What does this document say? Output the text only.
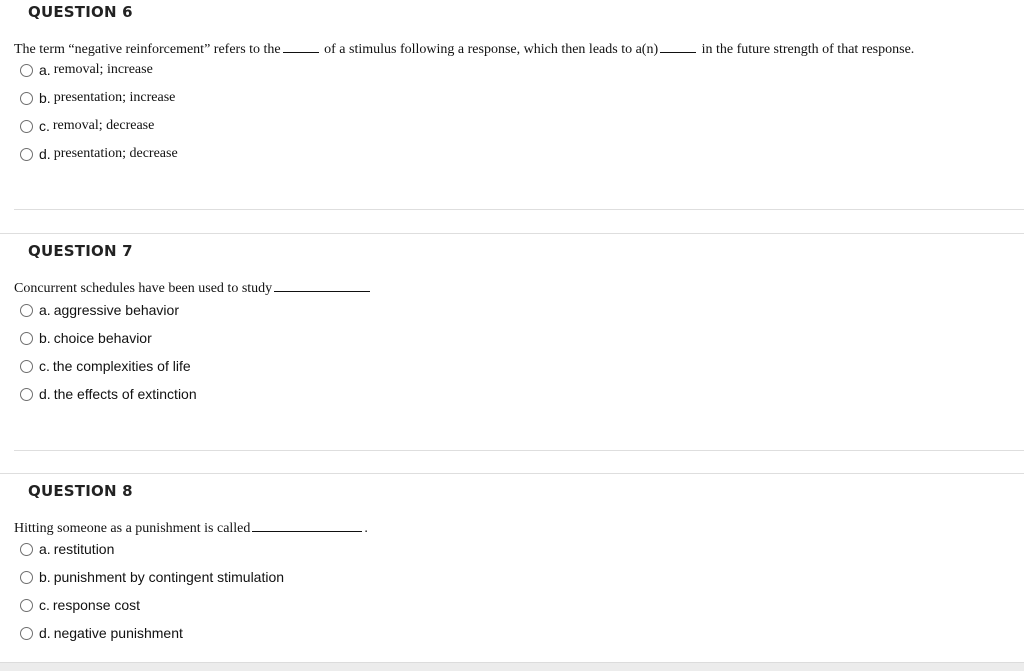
QUESTION 6
The term “negative reinforcement” refers to the	of a stimulus following a response, which then leads to a(n)	in the future strength of that response.
a. removal; increase
b. presentation; increase
c. removal; decrease
d. presentation; decrease
QUESTION 7
Concurrent schedules have been used to study
a. aggressive behavior
b. choice behavior
c. the complexities of life
d. the effects of extinction
QUESTION 8
Hitting someone as a punishment is called	.
a. restitution
b. punishment by contingent stimulation
c. response cost
d. negative punishment
